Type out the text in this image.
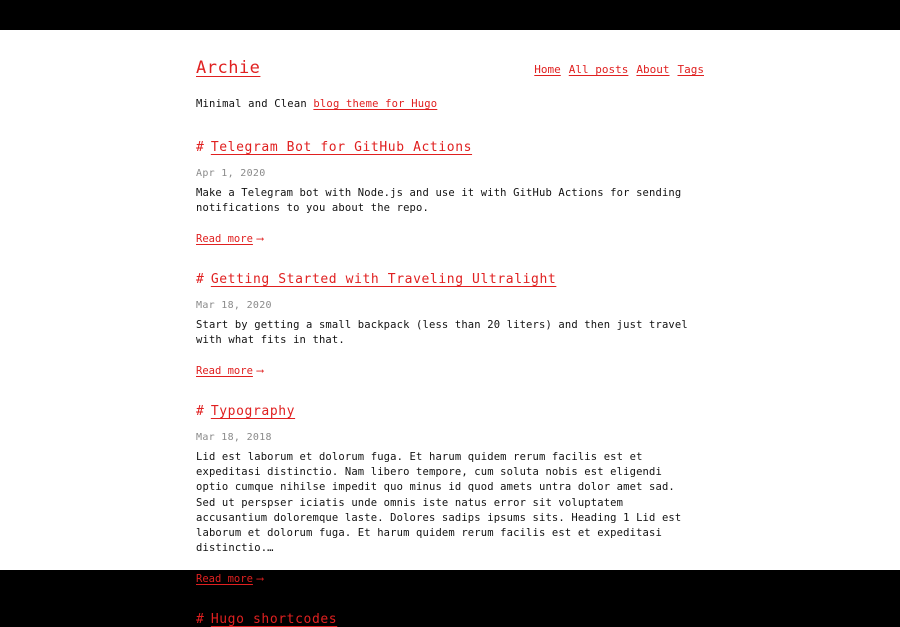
Archie	Home All posts About Tags
Minimal and Clean blog theme for Hugo
# Telegram Bot for GitHub Actions
Apr 1, 2020

Make a Telegram bot with Node.js and use it with GitHub Actions for sending notifications to you about the repo.

Read more ⟶
# Getting Started with Traveling Ultralight
Mar 18, 2020

Start by getting a small backpack (less than 20 liters) and then just travel with what fits in that.

Read more ⟶
# Typography
Mar 18, 2018

Lid est laborum et dolorum fuga. Et harum quidem rerum facilis est et expeditasi distinctio. Nam libero tempore, cum soluta nobis est eligendi optio cumque nihilse impedit quo minus id quod amets untra dolor amet sad. Sed ut perspser iciatis unde omnis iste natus error sit voluptatem accusantium doloremque laste. Dolores sadips ipsums sits. Heading 1 Lid est laborum et dolorum fuga. Et harum quidem rerum facilis est et expeditasi distinctio.…

Read more ⟶
# Hugo shortcodes
